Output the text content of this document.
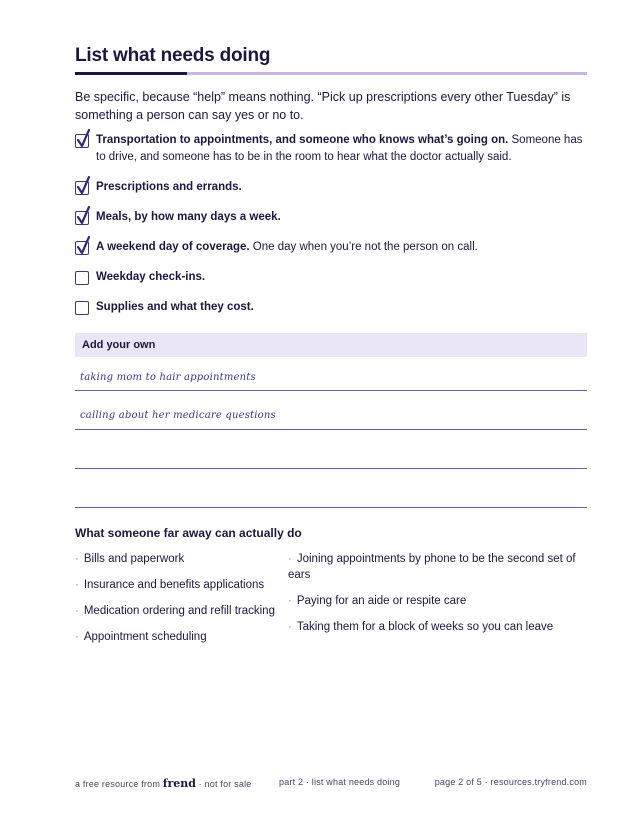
List what needs doing

Be specific, because “help” means nothing. “Pick up prescriptions every other Tuesday” is something a person can say yes or no to.

Transportation to appointments, and someone who knows what’s going on. Someone has to drive, and someone has to be in the room to hear what the doctor actually said.
Prescriptions and errands.
Meals, by how many days a week.
A weekend day of coverage. One day when you’re not the person on call.
Weekday check-ins.
Supplies and what they cost.
Add your own
taking mom to hair appointments
calling about her medicare questions
What someone far away can actually do
· Bills and paperwork
· Insurance and benefits applications
· Medication ordering and refill tracking
· Appointment scheduling
· Joining appointments by phone to be the second set of ears
· Paying for an aide or respite care
· Taking them for a block of weeks so you can leave
a free resource from frend · not for sale	part 2 · list what needs doing	page 2 of 5 · resources.tryfrend.com
